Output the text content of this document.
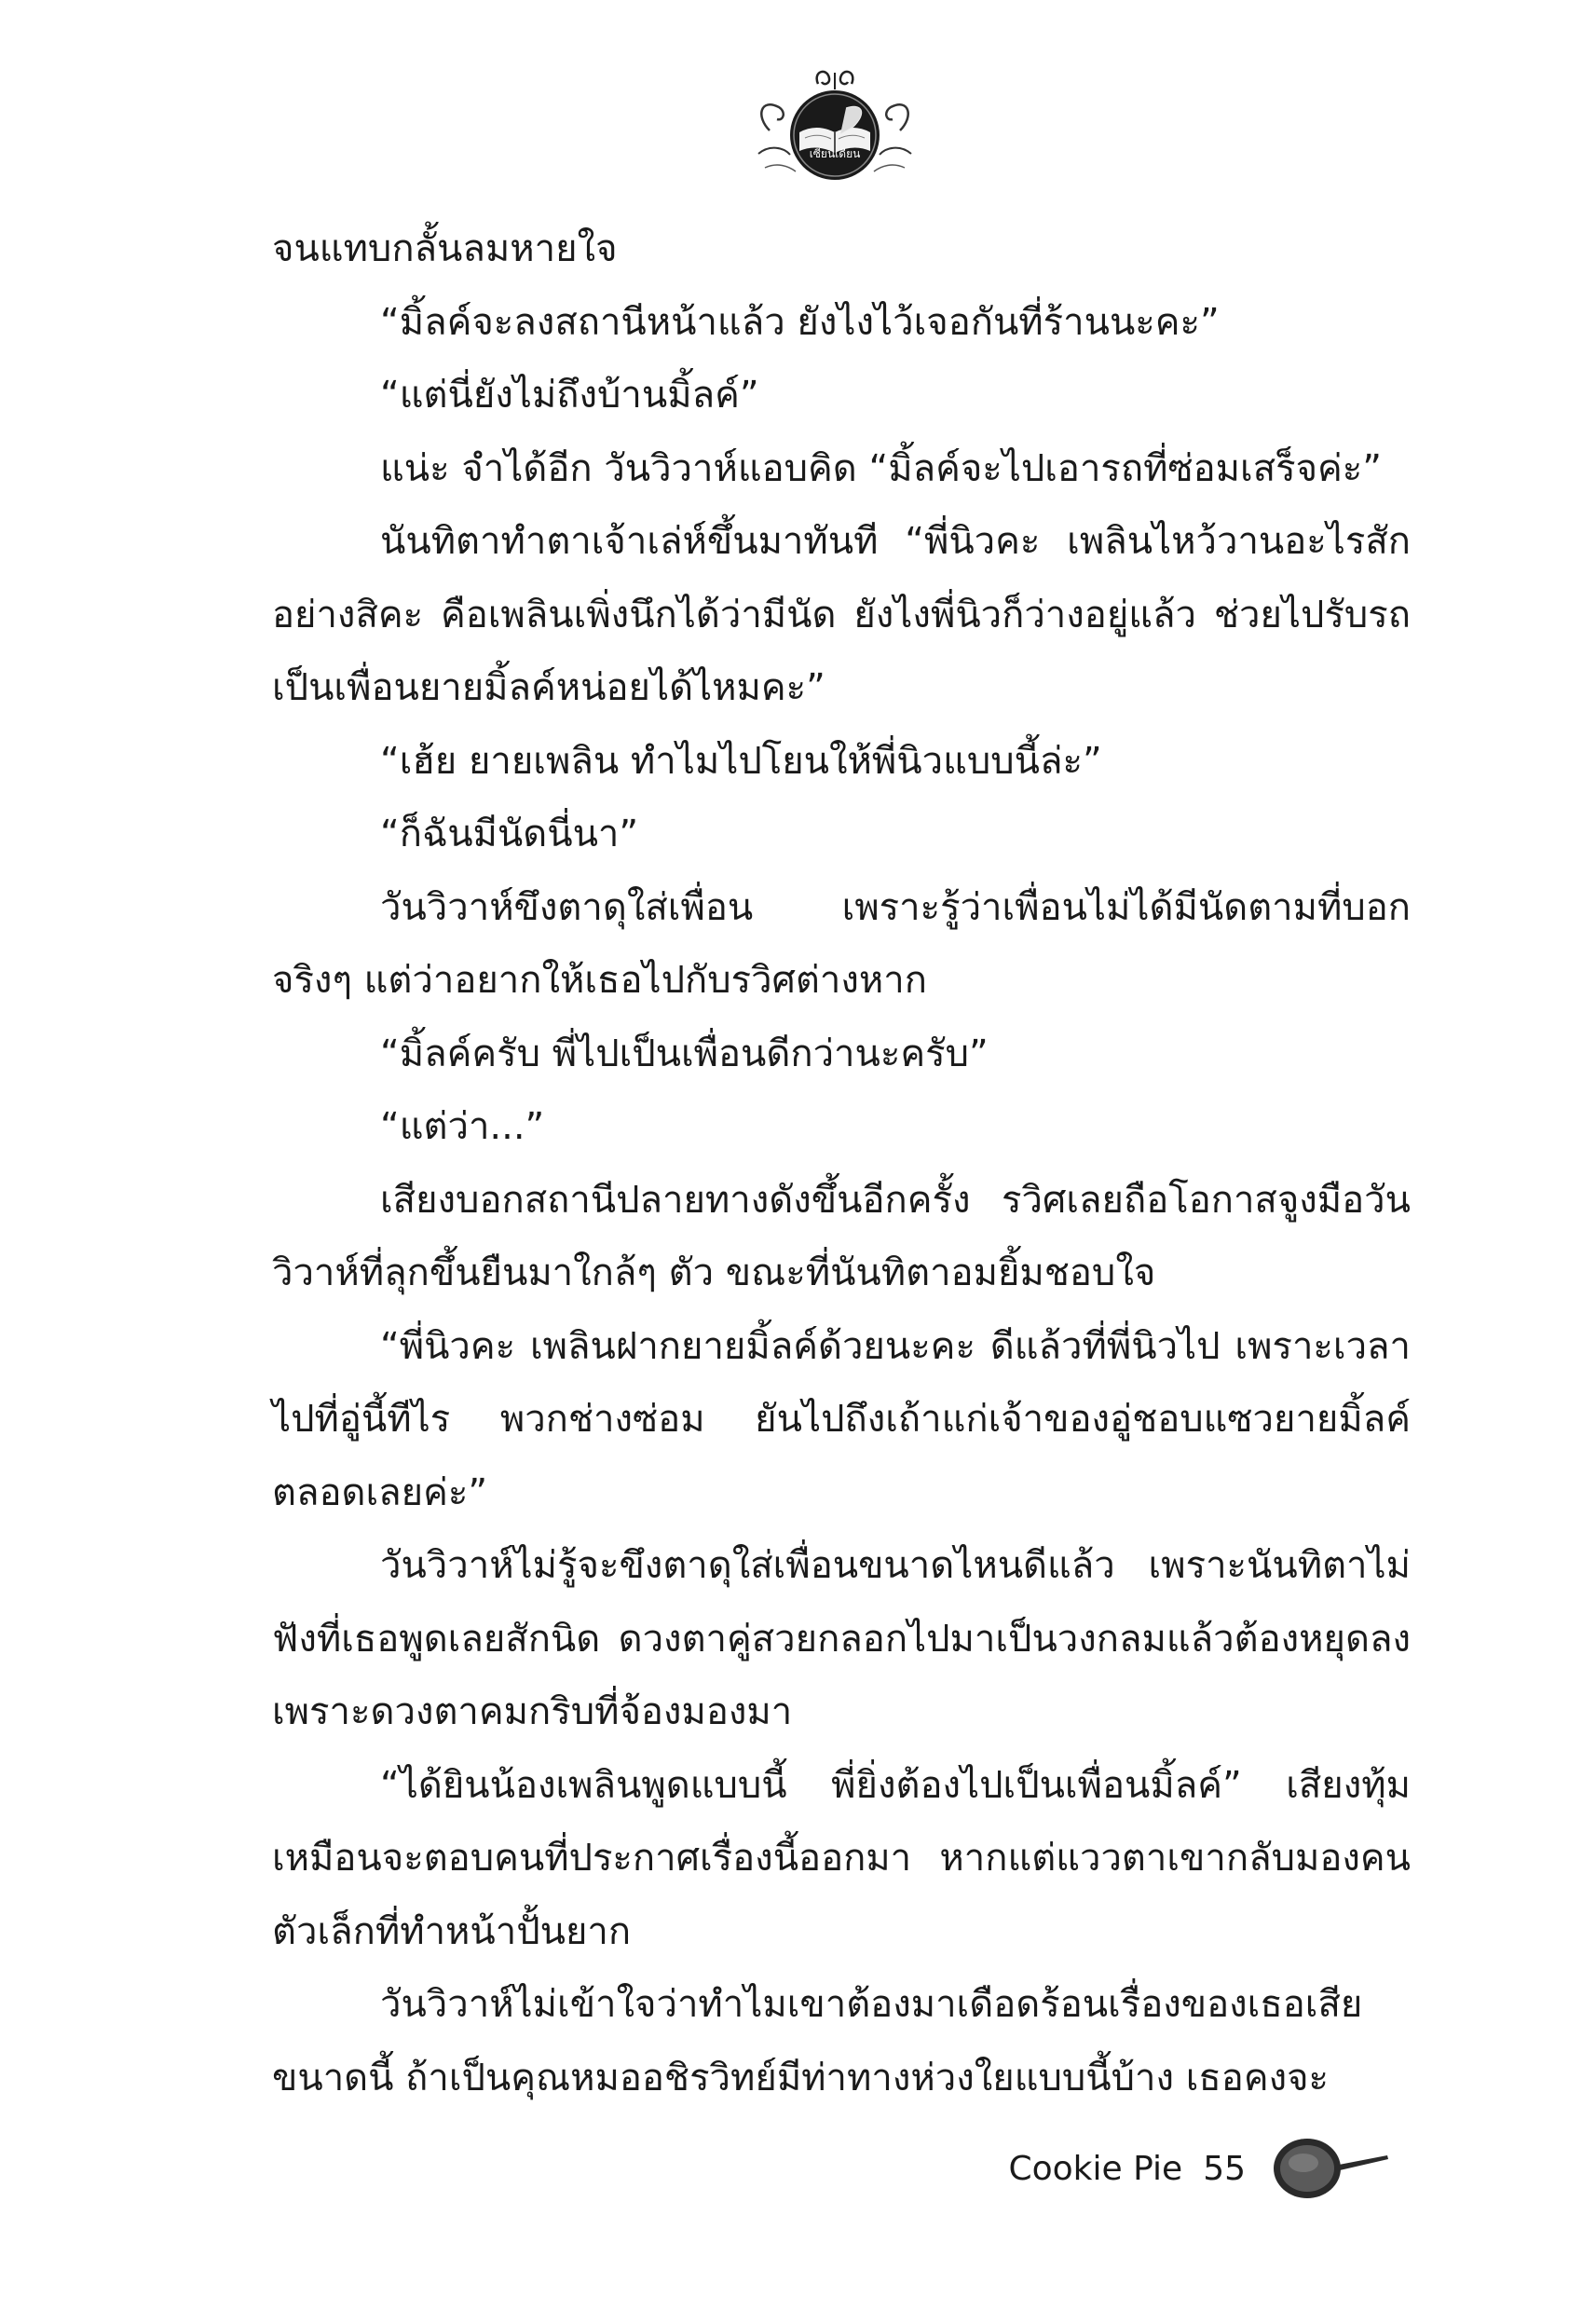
เซียนเดียน

จนแทบกลั้นลมหายใจ

“มิ้ลค์จะลงสถานีหน้าแล้ว ยังไงไว้เจอกันที่ร้านนะคะ”

“แต่นี่ยังไม่ถึงบ้านมิ้ลค์”

แน่ะ จำได้อีก วันวิวาห์แอบคิด “มิ้ลค์จะไปเอารถที่ซ่อมเสร็จค่ะ”

นันทิตาทำตาเจ้าเล่ห์ขึ้นมาทันที “พี่นิวคะ เพลินไหว้วานอะไรสักอย่างสิคะ คือเพลินเพิ่งนึกได้ว่ามีนัด ยังไงพี่นิวก็ว่างอยู่แล้ว ช่วยไปรับรถเป็นเพื่อนยายมิ้ลค์หน่อยได้ไหมคะ”

“เฮ้ย ยายเพลิน ทำไมไปโยนให้พี่นิวแบบนี้ล่ะ”

“ก็ฉันมีนัดนี่นา”

วันวิวาห์ขึงตาดุใส่เพื่อน เพราะรู้ว่าเพื่อนไม่ได้มีนัดตามที่บอกจริงๆ แต่ว่าอยากให้เธอไปกับรวิศต่างหาก

“มิ้ลค์ครับ พี่ไปเป็นเพื่อนดีกว่านะครับ”

“แต่ว่า...”

เสียงบอกสถานีปลายทางดังขึ้นอีกครั้ง รวิศเลยถือโอกาสจูงมือวันวิวาห์ที่ลุกขึ้นยืนมาใกล้ๆ ตัว ขณะที่นันทิตาอมยิ้มชอบใจ

“พี่นิวคะ เพลินฝากยายมิ้ลค์ด้วยนะคะ ดีแล้วที่พี่นิวไป เพราะเวลาไปที่อู่นี้ทีไร พวกช่างซ่อม ยันไปถึงเถ้าแก่เจ้าของอู่ชอบแซวยายมิ้ลค์ตลอดเลยค่ะ”

วันวิวาห์ไม่รู้จะขึงตาดุใส่เพื่อนขนาดไหนดีแล้ว เพราะนันทิตาไม่ฟังที่เธอพูดเลยสักนิด ดวงตาคู่สวยกลอกไปมาเป็นวงกลมแล้วต้องหยุดลงเพราะดวงตาคมกริบที่จ้องมองมา

“ได้ยินน้องเพลินพูดแบบนี้ พี่ยิ่งต้องไปเป็นเพื่อนมิ้ลค์” เสียงทุ้มเหมือนจะตอบคนที่ประกาศเรื่องนี้ออกมา หากแต่แววตาเขากลับมองคนตัวเล็กที่ทำหน้าปั้นยาก

วันวิวาห์ไม่เข้าใจว่าทำไมเขาต้องมาเดือดร้อนเรื่องของเธอเสียขนาดนี้ ถ้าเป็นคุณหมออชิรวิทย์มีท่าทางห่วงใยแบบนี้บ้าง เธอคงจะ

Cookie Pie 55
